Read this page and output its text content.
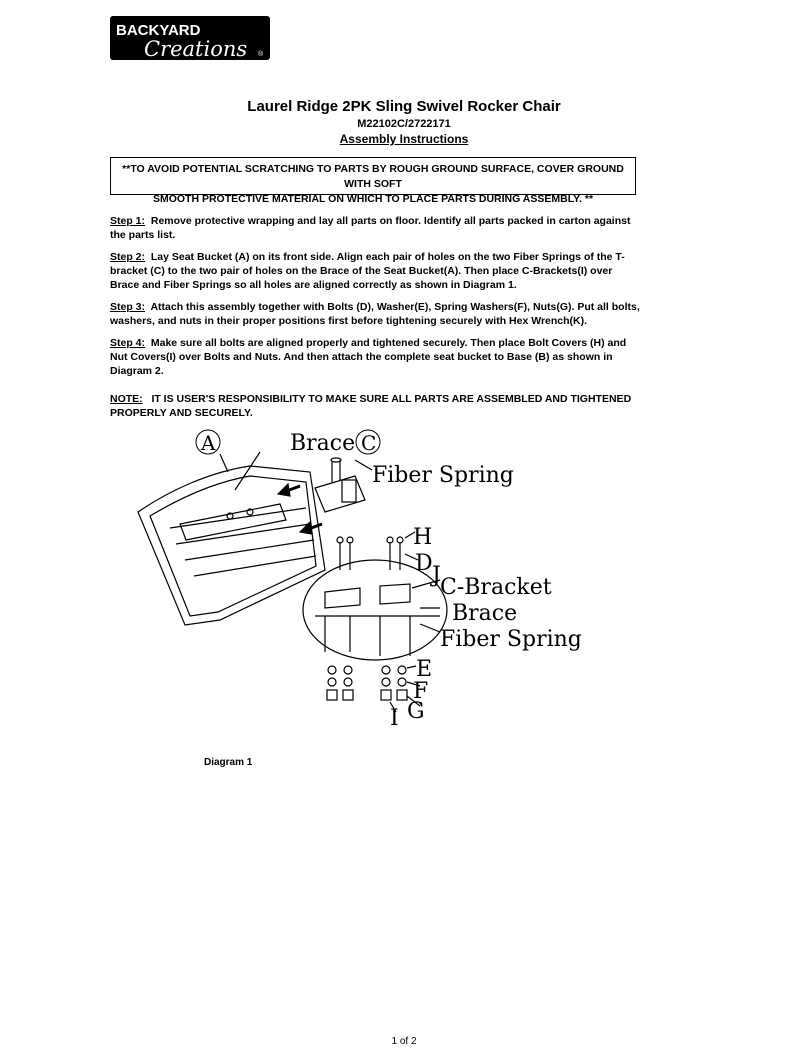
BACKYARD
Creations ®
Laurel Ridge 2PK Sling Swivel Rocker Chair
M22102C/2722171
Assembly Instructions
**TO AVOID POTENTIAL SCRATCHING TO PARTS BY ROUGH GROUND SURFACE, COVER GROUND WITH SOFT
SMOOTH PROTECTIVE MATERIAL ON WHICH TO PLACE PARTS DURING ASSEMBLY. **

Step 1: Remove protective wrapping and lay all parts on floor. Identify all parts packed in carton against the parts list.

Step 2: Lay Seat Bucket (A) on its front side. Align each pair of holes on the two Fiber Springs of the T-bracket (C) to the two pair of holes on the Brace of the Seat Bucket(A). Then place C-Brackets(I) over Brace and Fiber Springs so all holes are aligned correctly as shown in Diagram 1.

Step 3: Attach this assembly together with Bolts (D), Washer(E), Spring Washers(F), Nuts(G). Put all bolts, washers, and nuts in their proper positions first before tightening securely with Hex Wrench(K).

Step 4: Make sure all bolts are aligned properly and tightened securely. Then place Bolt Covers (H) and Nut Covers(I) over Bolts and Nuts. And then attach the complete seat bucket to Base (B) as shown in Diagram 2.

NOTE: IT IS USER'S RESPONSIBILITY TO MAKE SURE ALL PARTS ARE ASSEMBLED AND TIGHTENED PROPERLY AND SECURELY.

A	Brace C
Fiber Spring
H
D J C-Bracket
Brace
Fiber Spring
E
F
G
I
Diagram 1
1 of 2
